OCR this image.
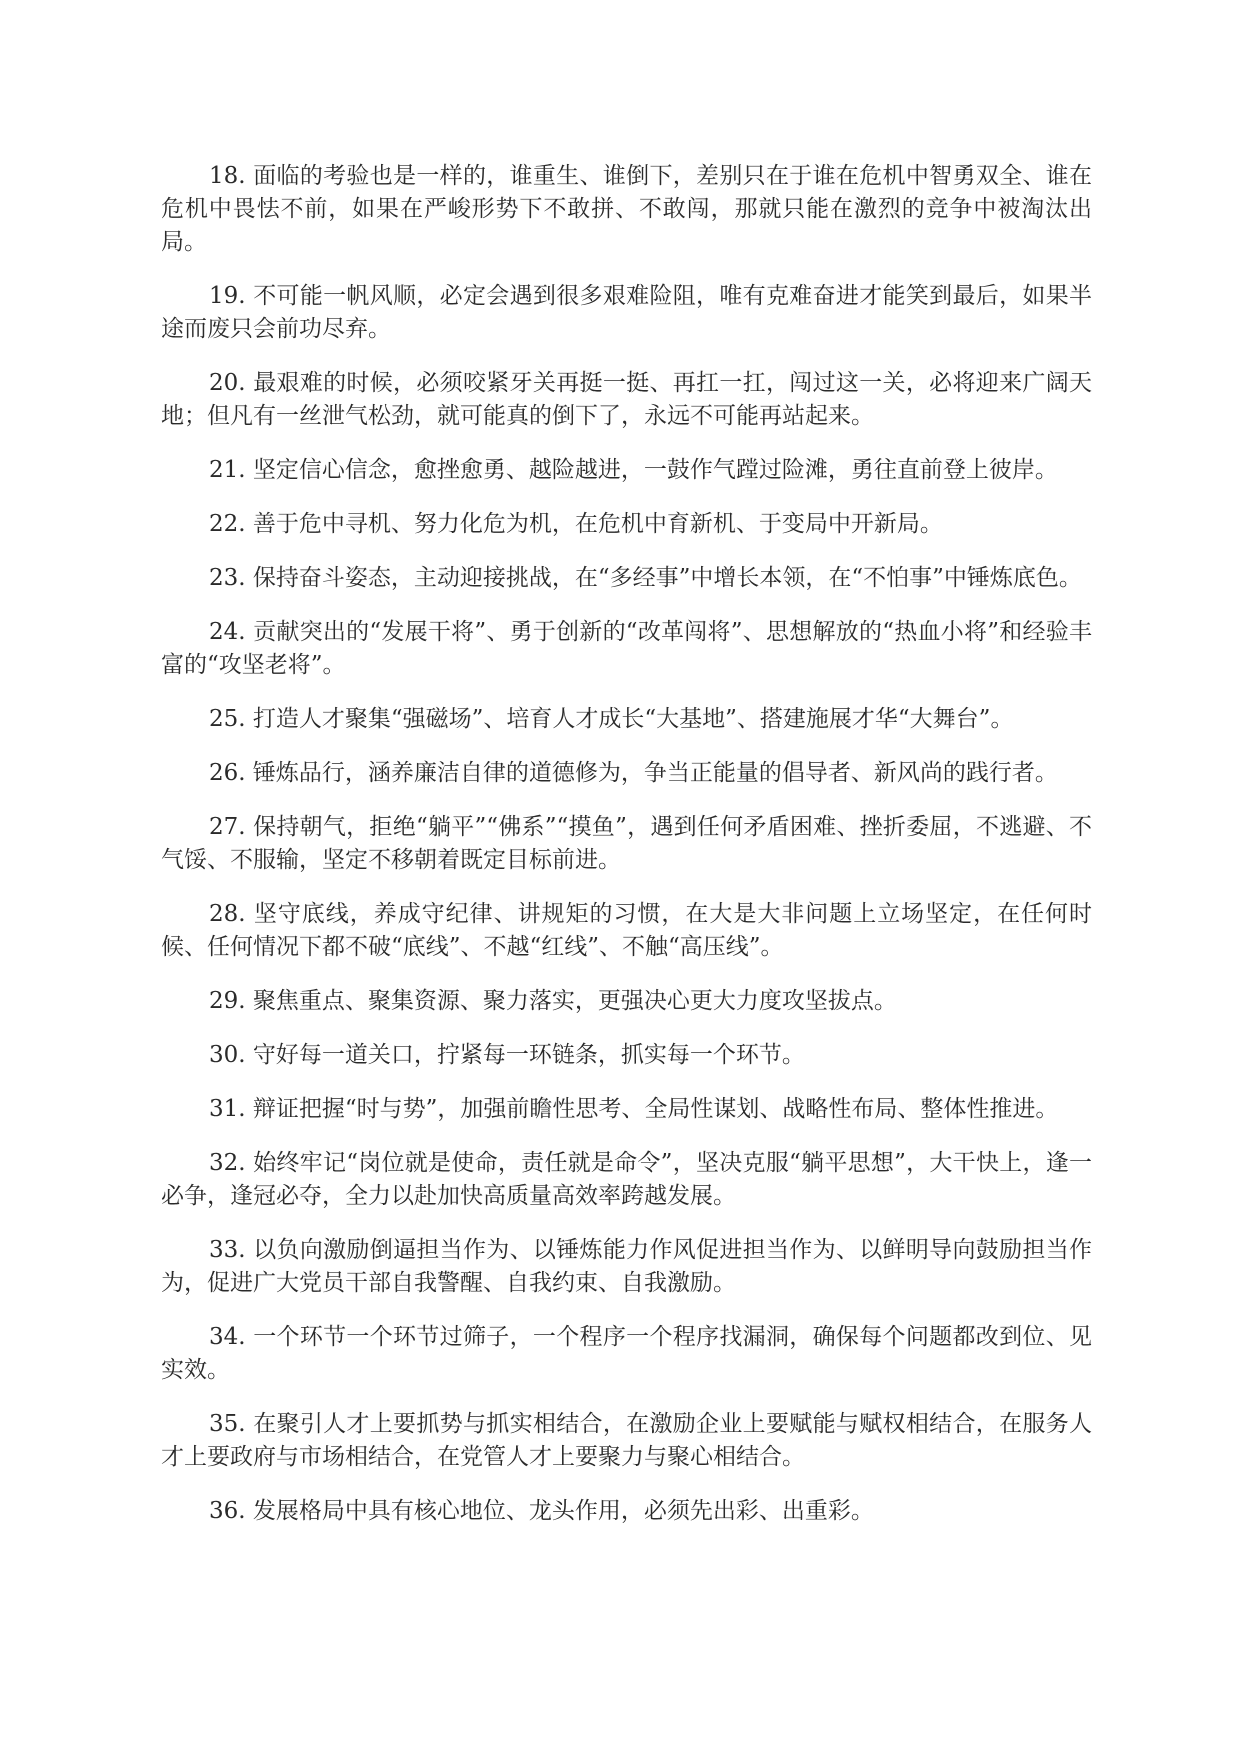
18. 面临的考验也是一样的，谁重生、谁倒下，差别只在于谁在危机中智勇双全、谁在危机中畏怯不前，如果在严峻形势下不敢拼、不敢闯，那就只能在激烈的竞争中被淘汰出局。

19. 不可能一帆风顺，必定会遇到很多艰难险阻，唯有克难奋进才能笑到最后，如果半途而废只会前功尽弃。

20. 最艰难的时候，必须咬紧牙关再挺一挺、再扛一扛，闯过这一关，必将迎来广阔天地；但凡有一丝泄气松劲，就可能真的倒下了，永远不可能再站起来。

21. 坚定信心信念，愈挫愈勇、越险越进，一鼓作气蹚过险滩，勇往直前登上彼岸。

22. 善于危中寻机、努力化危为机，在危机中育新机、于变局中开新局。

23. 保持奋斗姿态，主动迎接挑战，在“多经事”中增长本领，在“不怕事”中锤炼底色。

24. 贡献突出的“发展干将”、勇于创新的“改革闯将”、思想解放的“热血小将”和经验丰富的“攻坚老将”。

25. 打造人才聚集“强磁场”、培育人才成长“大基地”、搭建施展才华“大舞台”。

26. 锤炼品行，涵养廉洁自律的道德修为，争当正能量的倡导者、新风尚的践行者。

27. 保持朝气，拒绝“躺平”“佛系”“摸鱼”，遇到任何矛盾困难、挫折委屈，不逃避、不气馁、不服输，坚定不移朝着既定目标前进。

28. 坚守底线，养成守纪律、讲规矩的习惯，在大是大非问题上立场坚定，在任何时候、任何情况下都不破“底线”、不越“红线”、不触“高压线”。

29. 聚焦重点、聚集资源、聚力落实，更强决心更大力度攻坚拔点。

30. 守好每一道关口，拧紧每一环链条，抓实每一个环节。

31. 辩证把握“时与势”，加强前瞻性思考、全局性谋划、战略性布局、整体性推进。

32. 始终牢记“岗位就是使命，责任就是命令”，坚决克服“躺平思想”，大干快上，逢一必争，逢冠必夺，全力以赴加快高质量高效率跨越发展。

33. 以负向激励倒逼担当作为、以锤炼能力作风促进担当作为、以鲜明导向鼓励担当作为，促进广大党员干部自我警醒、自我约束、自我激励。

34. 一个环节一个环节过筛子，一个程序一个程序找漏洞，确保每个问题都改到位、见实效。

35. 在聚引人才上要抓势与抓实相结合，在激励企业上要赋能与赋权相结合，在服务人才上要政府与市场相结合，在党管人才上要聚力与聚心相结合。

36. 发展格局中具有核心地位、龙头作用，必须先出彩、出重彩。
